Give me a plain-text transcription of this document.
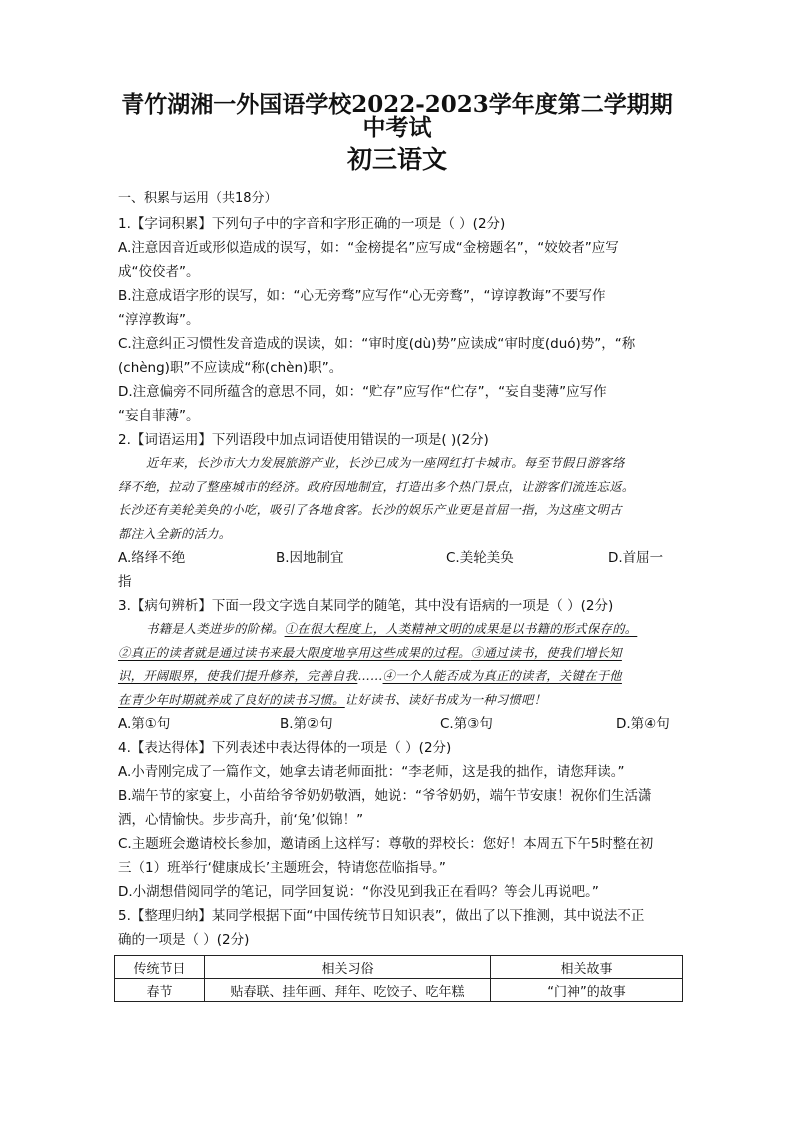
青竹湖湘一外国语学校2022-2023学年度第二学期期
中考试
初三语文
一、积累与运用（共18分）
1.【字词积累】下列句子中的字音和字形正确的一项是（ ）(2分)
A.注意因音近或形似造成的误写，如：“金榜提名”应写成“金榜题名”，“姣姣者”应写
成“佼佼者”。
B.注意成语字形的误写，如：“心无旁骛”应写作“心无旁鹜”，“谆谆教诲”不要写作
“淳淳教诲”。
C.注意纠正习惯性发音造成的误读，如：“审时度(dù)势”应读成“审时度(duó)势”，“称
(chèng)职”不应读成“称(chèn)职”。
D.注意偏旁不同所蕴含的意思不同，如：“贮存”应写作“伫存”，“妄自斐薄”应写作
“妄自菲薄”。
2.【词语运用】下列语段中加点词语使用错误的一项是( )(2分)
近年来，长沙市大力发展旅游产业，长沙已成为一座网红打卡城市。每至节假日游客络
绎不绝，拉动了整座城市的经济。政府因地制宜，打造出多个热门景点，让游客们流连忘返。
长沙还有美轮美奂的小吃，吸引了各地食客。长沙的娱乐产业更是首屈一指，为这座文明古
都注入全新的活力。
A.络绎不绝	B.因地制宜	C.美轮美奂	D.首屈一
指
3.【病句辨析】下面一段文字选自某同学的随笔，其中没有语病的一项是（ ）(2分)
书籍是人类进步的阶梯。①在很大程度上，人类精神文明的成果是以书籍的形式保存的。
②真正的读者就是通过读书来最大限度地享用这些成果的过程。③通过读书，使我们增长知
识，开阔眼界，使我们提升修养，完善自我……④一个人能否成为真正的读者，关键在于他
在青少年时期就养成了良好的读书习惯。让好读书、读好书成为一种习惯吧！
A.第①句	B.第②句	C.第③句	D.第④句
4.【表达得体】下列表述中表达得体的一项是（ ）(2分)
A.小青刚完成了一篇作文，她拿去请老师面批：“李老师，这是我的拙作，请您拜读。”
B.端午节的家宴上，小苗给爷爷奶奶敬酒，她说：“爷爷奶奶，端午节安康！祝你们生活潇
洒，心情愉快。步步高升，前‘兔’似锦！”
C.主题班会邀请校长参加，邀请函上这样写：尊敬的羿校长：您好！本周五下午5时整在初
三（1）班举行‘健康成长’主题班会，特请您莅临指导。”
D.小湖想借阅同学的笔记，同学回复说：“你没见到我正在看吗？等会儿再说吧。”
5.【整理归纳】某同学根据下面“中国传统节日知识表”，做出了以下推测，其中说法不正
确的一项是（ ）(2分)
传统节日	相关习俗	相关故事
春节	贴春联、挂年画、拜年、吃饺子、吃年糕	“门神”的故事
